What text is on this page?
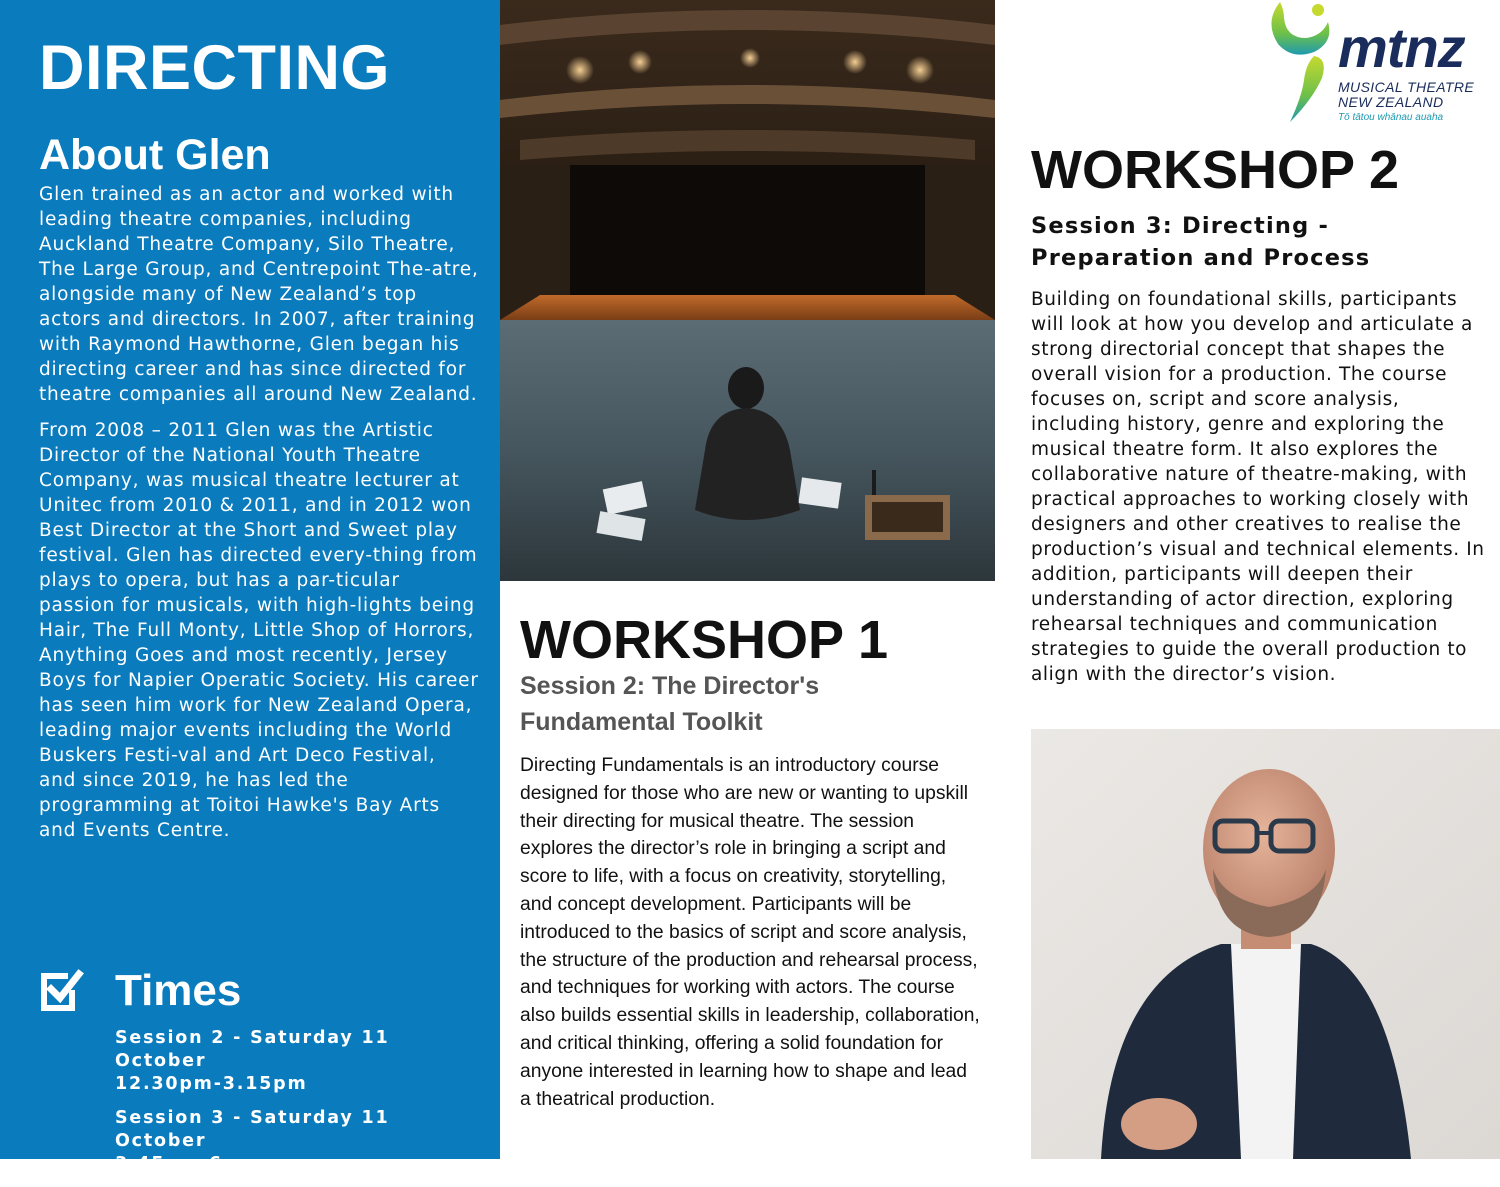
DIRECTING
About Glen

Glen trained as an actor and worked with leading theatre companies, including Auckland Theatre Company, Silo Theatre, The Large Group, and Centrepoint The-atre, alongside many of New Zealand’s top actors and directors. In 2007, after training with Raymond Hawthorne, Glen began his directing career and has since directed for theatre companies all around New Zealand.

From 2008 – 2011 Glen was the Artistic Director of the National Youth Theatre Company, was musical theatre lecturer at Unitec from 2010 & 2011, and in 2012 won Best Director at the Short and Sweet play festival. Glen has directed every-thing from plays to opera, but has a par-ticular passion for musicals, with high-lights being Hair, The Full Monty, Little Shop of Horrors, Anything Goes and most recently, Jersey Boys for Napier Operatic Society. His career has seen him work for New Zealand Opera, leading major events including the World Buskers Festi-val and Art Deco Festival, and since 2019, he has led the programming at Toitoi Hawke's Bay Arts and Events Centre.

Times
Session 2 - Saturday 11 October
12.30pm-3.15pm
Session 3 - Saturday 11 October
3.45pm-6pm
WORKSHOP 1
Session 2: The Director's Fundamental Toolkit

Directing Fundamentals is an introductory course designed for those who are new or wanting to upskill their directing for musical theatre. The session explores the director’s role in bringing a script and score to life, with a focus on creativity, storytelling, and concept development. Participants will be introduced to the basics of script and score analysis, the structure of the production and rehearsal process, and techniques for working with actors. The course also builds essential skills in leadership, collaboration, and critical thinking, offering a solid foundation for anyone interested in learning how to shape and lead a theatrical production.

mtnz
MUSICAL THEATRE
NEW ZEALAND
Tō tātou whānau auaha
WORKSHOP 2
Session 3: Directing - Preparation and Process

Building on foundational skills, participants will look at how you develop and articulate a strong directorial concept that shapes the overall vision for a production. The course focuses on, script and score analysis, including history, genre and exploring the musical theatre form. It also explores the collaborative nature of theatre-making, with practical approaches to working closely with designers and other creatives to realise the production’s visual and technical elements. In addition, participants will deepen their understanding of actor direction, exploring rehearsal techniques and communication strategies to guide the overall production to align with the director’s vision.
